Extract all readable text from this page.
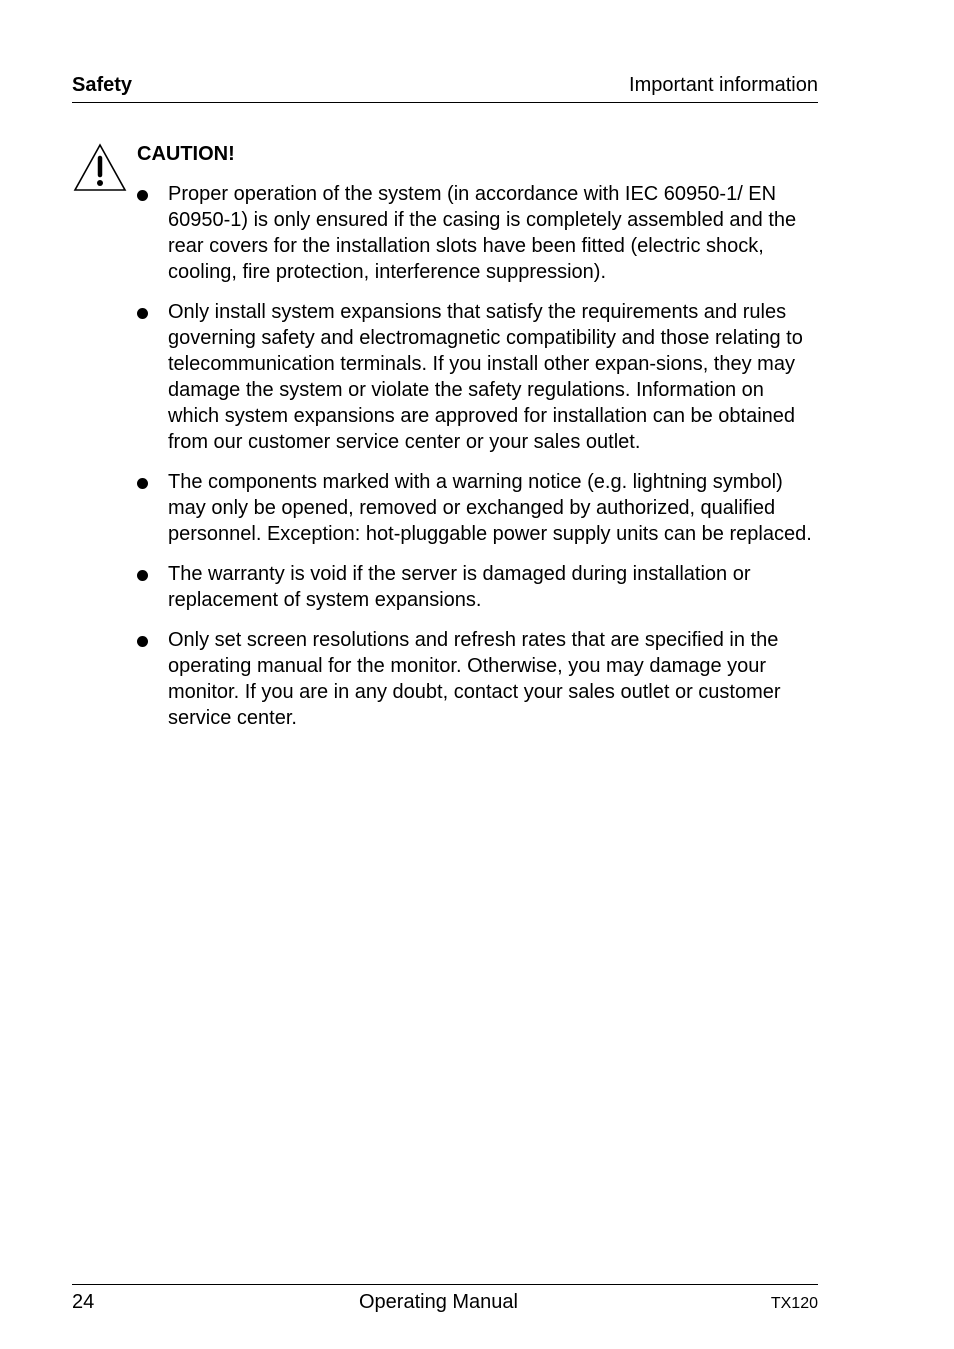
Safety	Important information
CAUTION!
Proper operation of the system (in accordance with IEC 60950-1/ EN 60950-1) is only ensured if the casing is completely assembled and the rear covers for the installation slots have been fitted (electric shock, cooling, fire protection, interference suppression).
Only install system expansions that satisfy the requirements and rules governing safety and electromagnetic compatibility and those relating to telecommunication terminals. If you install other expan-sions, they may damage the system or violate the safety regulations. Information on which system expansions are approved for installation can be obtained from our customer service center or your sales outlet.
The components marked with a warning notice (e.g. lightning symbol) may only be opened, removed or exchanged by authorized, qualified personnel. Exception: hot-pluggable power supply units can be replaced.
The warranty is void if the server is damaged during installation or replacement of system expansions.
Only set screen resolutions and refresh rates that are specified in the operating manual for the monitor. Otherwise, you may damage your monitor. If you are in any doubt, contact your sales outlet or customer service center.
24	Operating Manual	TX120
